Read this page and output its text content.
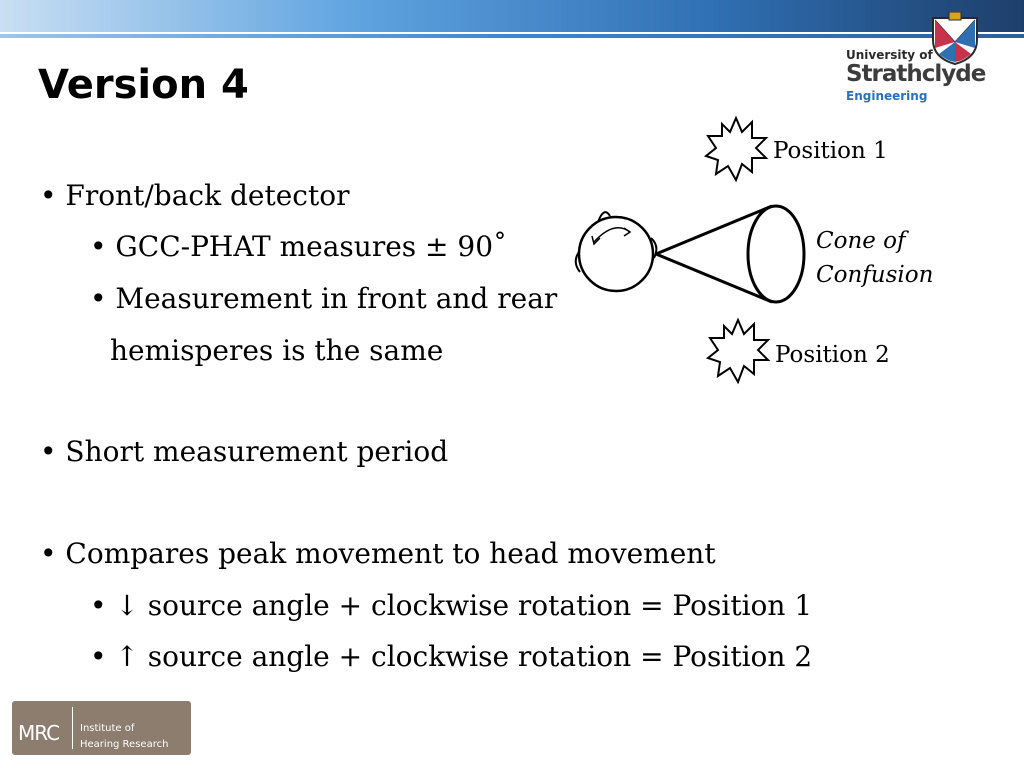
Version 4
University of
Strathclyde
Engineering
• Front/back detector
• GCC-PHAT measures ± 90˚
• Measurement in front and rear
hemisperes is the same
• Short measurement period
• Compares peak movement to head movement
• ↓ source angle + clockwise rotation = Position 1
• ↑ source angle + clockwise rotation = Position 2
Position 1
Position 2
Cone of
Confusion
MRC Institute of
Hearing Research
